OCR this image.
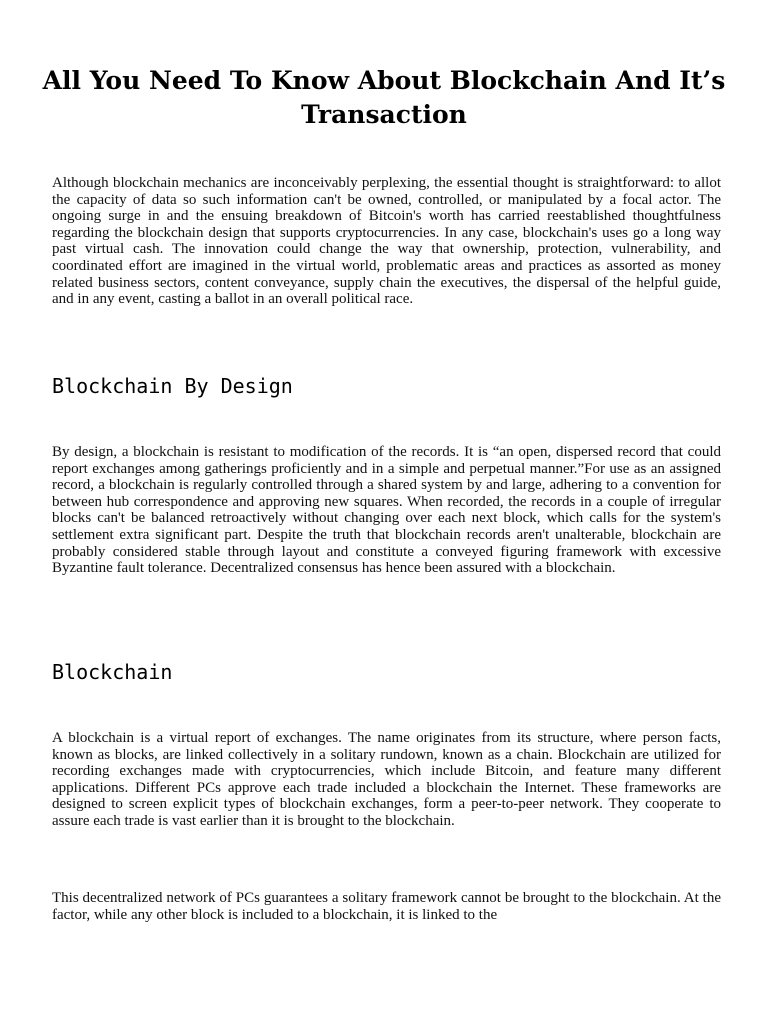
All You Need To Know About Blockchain And It’s Transaction

Although blockchain mechanics are inconceivably perplexing, the essential thought is straightforward: to allot the capacity of data so such information can't be owned, controlled, or manipulated by a focal actor. The ongoing surge in and the ensuing breakdown of Bitcoin's worth has carried reestablished thoughtfulness regarding the blockchain design that supports cryptocurrencies. In any case, blockchain's uses go a long way past virtual cash. The innovation could change the way that ownership, protection, vulnerability, and coordinated effort are imagined in the virtual world, problematic areas and practices as assorted as money related business sectors, content conveyance, supply chain the executives, the dispersal of the helpful guide, and in any event, casting a ballot in an overall political race.

Blockchain By Design

By design, a blockchain is resistant to modification of the records. It is “an open, dispersed record that could report exchanges among gatherings proficiently and in a simple and perpetual manner.”For use as an assigned record, a blockchain is regularly controlled through a shared system by and large, adhering to a convention for between hub correspondence and approving new squares. When recorded, the records in a couple of irregular blocks can't be balanced retroactively without changing over each next block, which calls for the system's settlement extra significant part. Despite the truth that blockchain records aren't unalterable, blockchain are probably considered stable through layout and constitute a conveyed figuring framework with excessive Byzantine fault tolerance. Decentralized consensus has hence been assured with a blockchain.

Blockchain

A blockchain is a virtual report of exchanges. The name originates from its structure, where person facts, known as blocks, are linked collectively in a solitary rundown, known as a chain. Blockchain are utilized for recording exchanges made with cryptocurrencies, which include Bitcoin, and feature many different applications. Different PCs approve each trade included a blockchain the Internet. These frameworks are designed to screen explicit types of blockchain exchanges, form a peer-to-peer network. They cooperate to assure each trade is vast earlier than it is brought to the blockchain.

This decentralized network of PCs guarantees a solitary framework cannot be brought to the blockchain. At the factor, while any other block is included to a blockchain, it is linked to the
